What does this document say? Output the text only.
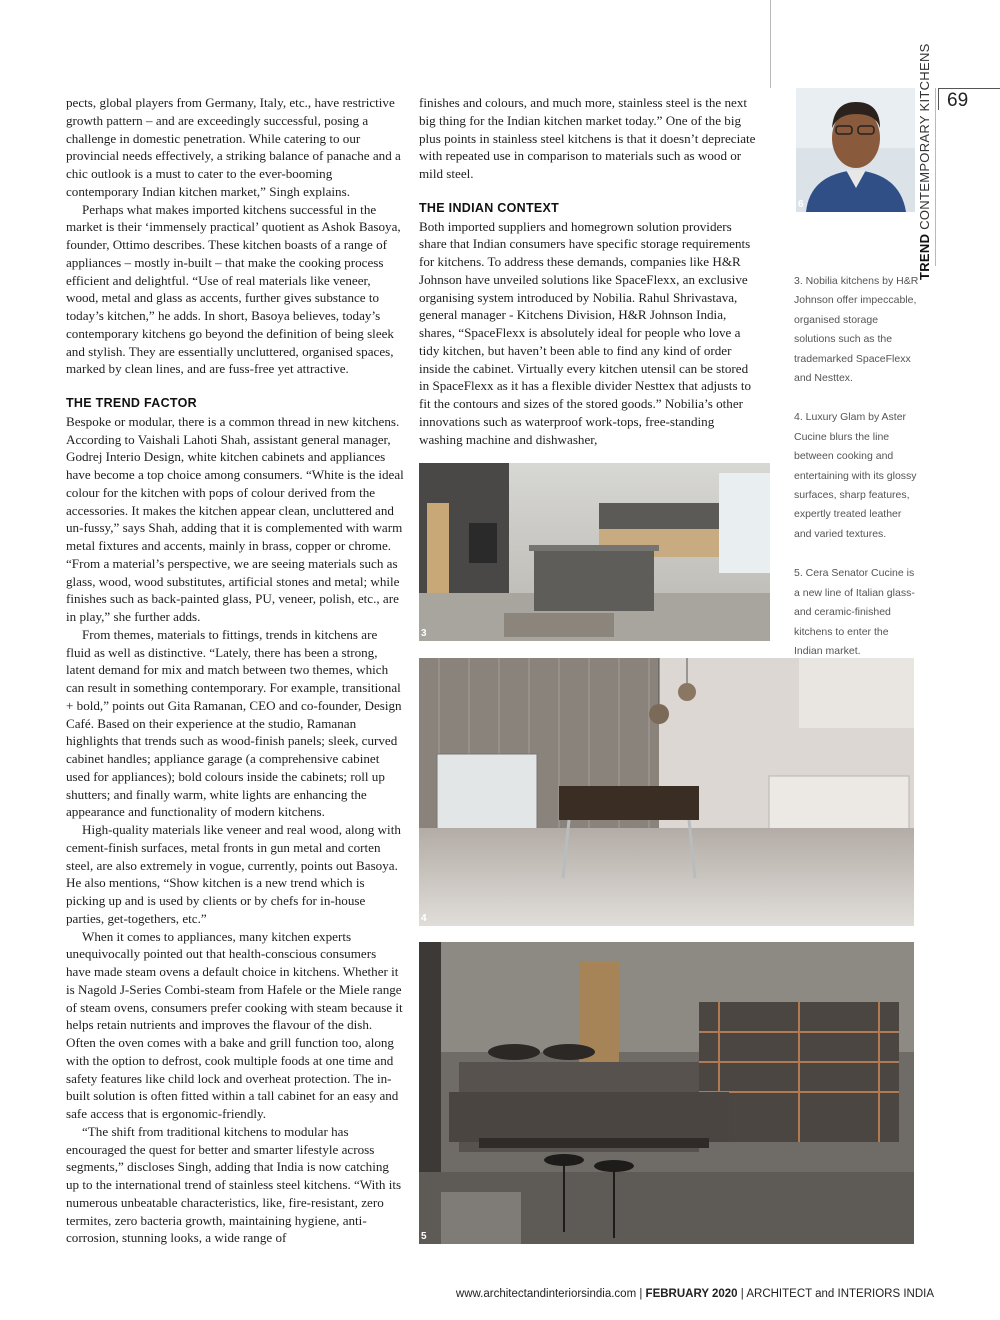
69
TREND CONTEMPORARY KITCHENS

pects, global players from Germany, Italy, etc., have restrictive growth pattern – and are exceedingly successful, posing a challenge in domestic penetration. While catering to our provincial needs effectively, a striking balance of panache and a chic outlook is a must to cater to the ever-booming contemporary Indian kitchen market,” Singh explains.

Perhaps what makes imported kitchens successful in the market is their ‘immensely practical’ quotient as Ashok Basoya, founder, Ottimo describes. These kitchen boasts of a range of appliances – mostly in-built – that make the cooking process efficient and delightful. “Use of real materials like veneer, wood, metal and glass as accents, further gives substance to today’s kitchen,” he adds. In short, Basoya believes, today’s contemporary kitchens go beyond the definition of being sleek and stylish. They are essentially uncluttered, organised spaces, marked by clean lines, and are fuss-free yet attractive.

THE TREND FACTOR

Bespoke or modular, there is a common thread in new kitchens. According to Vaishali Lahoti Shah, assistant general manager, Godrej Interio Design, white kitchen cabinets and appliances have become a top choice among consumers. “White is the ideal colour for the kitchen with pops of colour derived from the accessories. It makes the kitchen appear clean, uncluttered and un-fussy,” says Shah, adding that it is complemented with warm metal fixtures and accents, mainly in brass, copper or chrome. “From a material’s perspective, we are seeing materials such as glass, wood, wood substitutes, artificial stones and metal; while finishes such as back-painted glass, PU, veneer, polish, etc., are in play,” she further adds.

From themes, materials to fittings, trends in kitchens are fluid as well as distinctive. “Lately, there has been a strong, latent demand for mix and match between two themes, which can result in something contemporary. For example, transitional + bold,” points out Gita Ramanan, CEO and co-founder, Design Café. Based on their experience at the studio, Ramanan highlights that trends such as wood-finish panels; sleek, curved cabinet handles; appliance garage (a comprehensive cabinet used for appliances); bold colours inside the cabinets; roll up shutters; and finally warm, white lights are enhancing the appearance and functionality of modern kitchens.

High-quality materials like veneer and real wood, along with cement-finish surfaces, metal fronts in gun metal and corten steel, are also extremely in vogue, currently, points out Basoya. He also mentions, “Show kitchen is a new trend which is picking up and is used by clients or by chefs for in-house parties, get-togethers, etc.”

When it comes to appliances, many kitchen experts unequivocally pointed out that health-conscious consumers have made steam ovens a default choice in kitchens. Whether it is Nagold J-Series Combi-steam from Hafele or the Miele range of steam ovens, consumers prefer cooking with steam because it helps retain nutrients and improves the flavour of the dish. Often the oven comes with a bake and grill function too, along with the option to defrost, cook multiple foods at one time and safety features like child lock and overheat protection. The in-built solution is often fitted within a tall cabinet for an easy and safe access that is ergonomic-friendly.

“The shift from traditional kitchens to modular has encouraged the quest for better and smarter lifestyle across segments,” discloses Singh, adding that India is now catching up to the international trend of stainless steel kitchens. “With its numerous unbeatable characteristics, like, fire-resistant, zero termites, zero bacteria growth, maintaining hygiene, anti-corrosion, stunning looks, a wide range of

finishes and colours, and much more, stainless steel is the next big thing for the Indian kitchen market today.” One of the big plus points in stainless steel kitchens is that it doesn’t depreciate with repeated use in comparison to materials such as wood or mild steel.

THE INDIAN CONTEXT

Both imported suppliers and homegrown solution providers share that Indian consumers have specific storage requirements for kitchens. To address these demands, companies like H&R Johnson have unveiled solutions like SpaceFlexx, an exclusive organising system introduced by Nobilia. Rahul Shrivastava, general manager - Kitchens Division, H&R Johnson India, shares, “SpaceFlexx is absolutely ideal for people who love a tidy kitchen, but haven’t been able to find any kind of order inside the cabinet. Virtually every kitchen utensil can be stored in SpaceFlexx as it has a flexible divider Nesttex that adjusts to fit the contours and sizes of the stored goods.” Nobilia’s other innovations such as waterproof work-tops, free-standing washing machine and dishwasher,

6

3. Nobilia kitchens by H&R Johnson offer impeccable, organised storage solutions such as the trademarked SpaceFlexx and Nesttex.

4. Luxury Glam by Aster Cucine blurs the line between cooking and entertaining with its glossy surfaces, sharp features, expertly treated leather and varied textures.

5. Cera Senator Cucine is a new line of Italian glass- and ceramic-finished kitchens to enter the Indian market.

3
4
5
www.architectandinteriorsindia.com | FEBRUARY 2020 | ARCHITECT and INTERIORS INDIA
